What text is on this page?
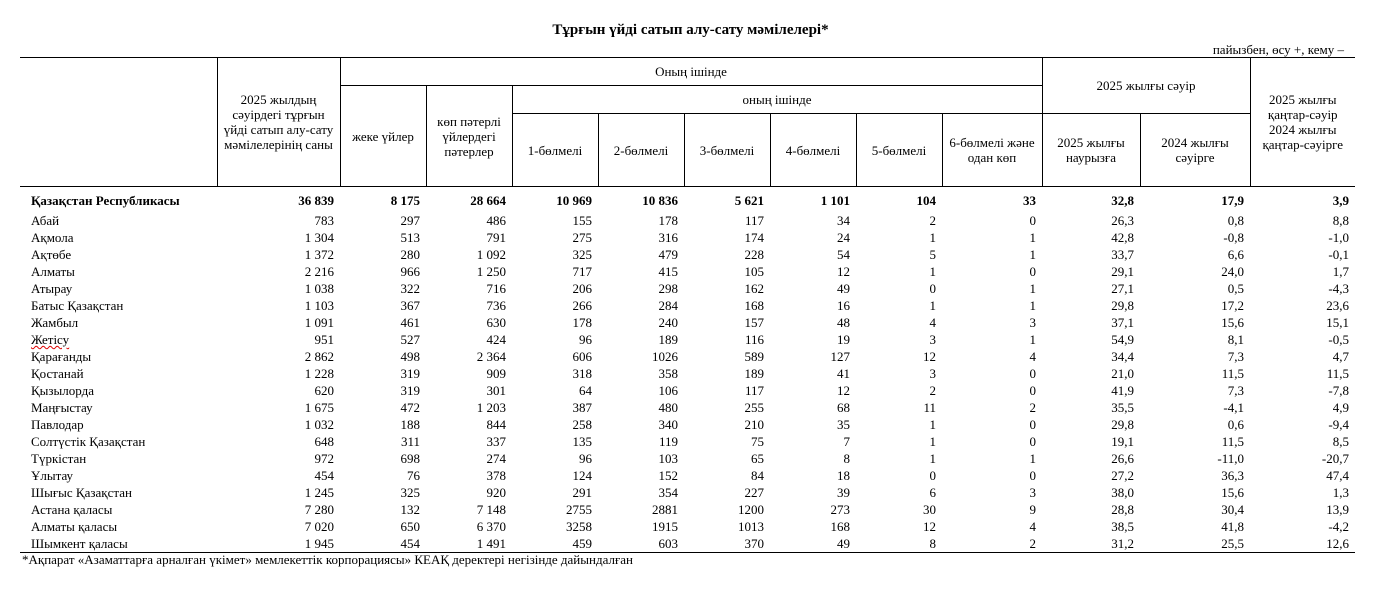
Тұрғын үйді сатып алу-сату мәмілелері*
пайызбен, өсу +, кему –
	2025 жылдың сәуірдегі тұрғын үйді сатып алу-сату мәмілелерінің саны	Оның ішінде								2025 жылғы сәуір		2025 жылғы қаңтар-сәуір 2024 жылғы қаңтар-сәуірге
		жеке үйлер	көп пәтерлі үйлердегі пәтерлер	оның ішінде								
				1-бөлмелі	2-бөлмелі	3-бөлмелі	4-бөлмелі	5-бөлмелі	6-бөлмелі және одан көп	2025 жылғы наурызға	2024 жылғы сәуірге	
Қазақстан Республикасы	36 839	8 175	28 664	10 969	10 836	5 621	1 101	104	33	32,8	17,9	3,9
Абай	783	297	486	155	178	117	34	2	0	26,3	0,8	8,8
Ақмола	1 304	513	791	275	316	174	24	1	1	42,8	-0,8	-1,0
Ақтөбе	1 372	280	1 092	325	479	228	54	5	1	33,7	6,6	-0,1
Алматы	2 216	966	1 250	717	415	105	12	1	0	29,1	24,0	1,7
Атырау	1 038	322	716	206	298	162	49	0	1	27,1	0,5	-4,3
Батыс Қазақстан	1 103	367	736	266	284	168	16	1	1	29,8	17,2	23,6
Жамбыл	1 091	461	630	178	240	157	48	4	3	37,1	15,6	15,1
Жетісу	951	527	424	96	189	116	19	3	1	54,9	8,1	-0,5
Қарағанды	2 862	498	2 364	606	1026	589	127	12	4	34,4	7,3	4,7
Қостанай	1 228	319	909	318	358	189	41	3	0	21,0	11,5	11,5
Қызылорда	620	319	301	64	106	117	12	2	0	41,9	7,3	-7,8
Маңғыстау	1 675	472	1 203	387	480	255	68	11	2	35,5	-4,1	4,9
Павлодар	1 032	188	844	258	340	210	35	1	0	29,8	0,6	-9,4
Солтүстік Қазақстан	648	311	337	135	119	75	7	1	0	19,1	11,5	8,5
Түркістан	972	698	274	96	103	65	8	1	1	26,6	-11,0	-20,7
Ұлытау	454	76	378	124	152	84	18	0	0	27,2	36,3	47,4
Шығыс Қазақстан	1 245	325	920	291	354	227	39	6	3	38,0	15,6	1,3
Астана қаласы	7 280	132	7 148	2755	2881	1200	273	30	9	28,8	30,4	13,9
Алматы қаласы	7 020	650	6 370	3258	1915	1013	168	12	4	38,5	41,8	-4,2
Шымкент қаласы	1 945	454	1 491	459	603	370	49	8	2	31,2	25,5	12,6
*Ақпарат «Азаматтарға арналған үкімет» мемлекеттік корпорациясы» КЕАҚ деректері негізінде дайындалған
